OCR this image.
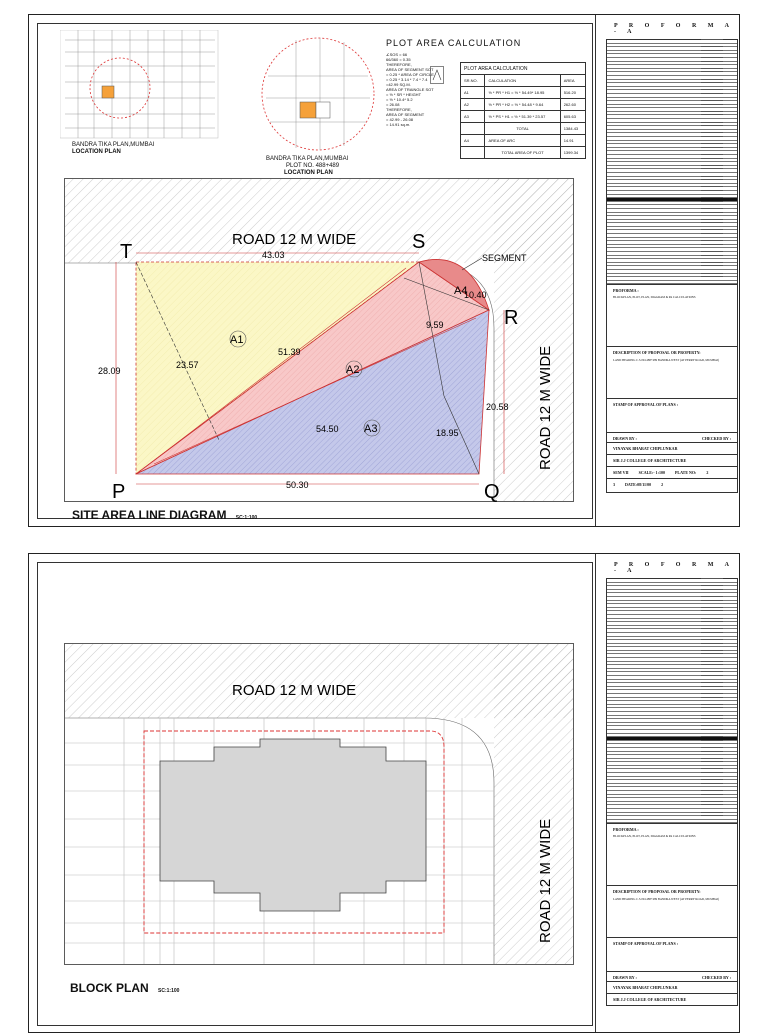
BANDRA TIKA PLAN,MUMBAI
LOCATION PLAN
BANDRA TIKA PLAN,MUMBAI
PLOT NO. 488+489
LOCATION PLAN
PLOT AREA CALCULATION
∠SOS = 66
66/360 = 0.35
THEREFORE,
AREA OF SEGMENT SOT
= 0.25 * AREA OF CIRCLE
= 0.25 * 3.14 * 7.4 * 7.4
=42.99 SQ.M.
AREA OF TRAINGLE SOT
= ½ * SR * HEIGHT
= ½ * 10.4* 5.2
= 26.08
THEREFORE,
AREA OF SEGMENT
= 42.99 - 26.08
= 14.91 sq.m.
PLOT AREA CALCULATION		
SR.NO.	CALCULATION	AREA
A1	½ * PR * H1 = ½ * 54.49* 18.95	516.20
A2	½ * PR * H2 = ½ * 54.48 * 9.64	262.60
A3	½ * PS * H1 = ½ * 51.39 * 23.57	605.63
	TOTAL	1384.43
A4	AREA OF ARC	14.91
	TOTAL AREA OF PLOT	1399.34
ROAD 12 M WIDE
ROAD 12 M WIDE
T	S
R
P	Q
A1
A2
A3
A4
SEGMENT
43.03
28.09
50.30
20.58
10.40
51.39
23.57
54.50	18.95
9.59
SITE AREA LINE DIAGRAM SC:1:100
P R O F O R M A - A
PROFORMA :
BLOCKPLAN, PLOT, PLAN, DIAGRAM & PA CALCULATIONS
DESCRIPTION OF PROPOSAL OR PROPERTY:
LAND BEARING C.S.NO.488+489 BANDRA WEST (AT PERRY ROAD, MUMBAI)
STAMP OF APPROVAL OF PLANS :
DRAWN BY :	CHECKED BY :
VINAYAK BHARAT CHIPLUNKAR
SIR J.J COLLEGE OF ARCHITECTURE
SEM VII	SCALE:- 1:100	PLATE NO:	2
3	DATE:08/11/00	2
ROAD 12 M WIDE
ROAD 12 M WIDE
BLOCK PLAN SC:1:100
P R O F O R M A - A
PROFORMA :
BLOCKPLAN, PLOT, PLAN, DIAGRAM & PA CALCULATIONS
DESCRIPTION OF PROPOSAL OR PROPERTY:
LAND BEARING C.S.NO.488+489 BANDRA WEST (AT PERRY ROAD, MUMBAI)
STAMP OF APPROVAL OF PLANS :
DRAWN BY :	CHECKED BY :
VINAYAK BHARAT CHIPLUNKAR
SIR J.J COLLEGE OF ARCHITECTURE
